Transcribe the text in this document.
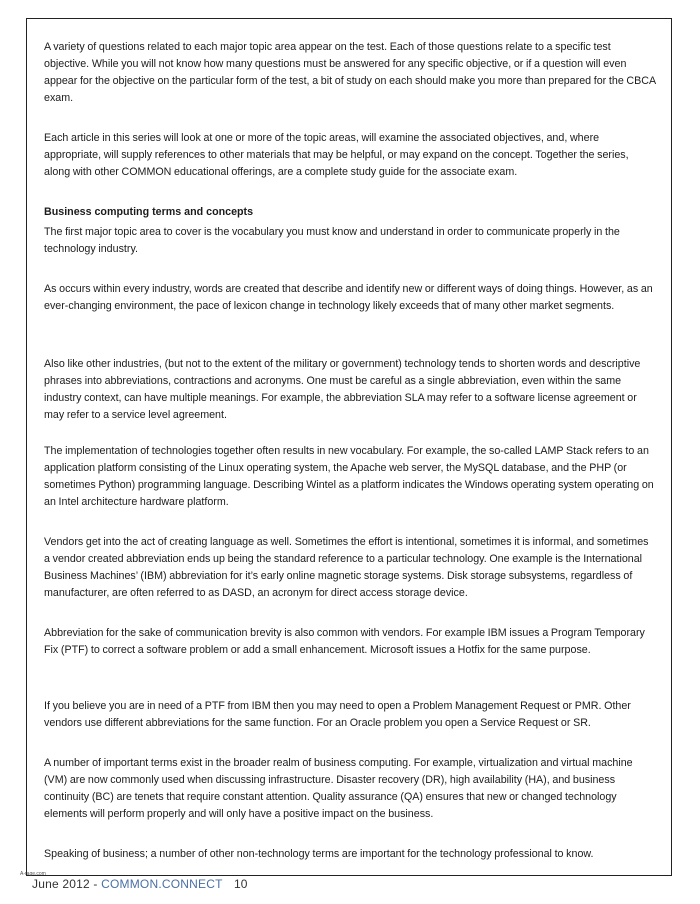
A variety of questions related to each major topic area appear on the test. Each of those questions relate to a specific test objective. While you will not know how many questions must be answered for any specific objective, or if a question will even appear for the objective on the particular form of the test, a bit of study on each should make you more than prepared for the CBCA exam.

Each article in this series will look at one or more of the topic areas, will examine the associated objectives, and, where appropriate, will supply references to other materials that may be helpful, or may expand on the concept. Together the series, along with other COMMON educational offerings, are a complete study guide for the associate exam.

Business computing terms and concepts

The first major topic area to cover is the vocabulary you must know and understand in order to communicate properly in the technology industry.

As occurs within every industry, words are created that describe and identify new or different ways of doing things. However, as an ever-changing environment, the pace of lexicon change in technology likely exceeds that of many other market segments.

Also like other industries, (but not to the extent of the military or government) technology tends to shorten words and descriptive phrases into abbreviations, contractions and acronyms. One must be careful as a single abbreviation, even within the same industry context, can have multiple meanings. For example, the abbreviation SLA may refer to a software license agreement or may refer to a service level agreement.

The implementation of technologies together often results in new vocabulary. For example, the so-called LAMP Stack refers to an application platform consisting of the Linux operating system, the Apache web server, the MySQL database, and the PHP (or sometimes Python) programming language. Describing Wintel as a platform indicates the Windows operating system operating on an Intel architecture hardware platform.

Vendors get into the act of creating language as well. Sometimes the effort is intentional, sometimes it is informal, and sometimes a vendor created abbreviation ends up being the standard reference to a particular technology. One example is the International Business Machines’ (IBM) abbreviation for it’s early online magnetic storage systems. Disk storage subsystems, regardless of manufacturer, are often referred to as DASD, an acronym for direct access storage device.

Abbreviation for the sake of communication brevity is also common with vendors. For example IBM issues a Program Temporary Fix (PTF) to correct a software problem or add a small enhancement. Microsoft issues a Hotfix for the same purpose.

If you believe you are in need of a PTF from IBM then you may need to open a Problem Management Request or PMR. Other vendors use different abbreviations for the same function. For an Oracle problem you open a Service Request or SR.

A number of important terms exist in the broader realm of business computing. For example, virtualization and virtual machine (VM) are now commonly used when discussing infrastructure. Disaster recovery (DR), high availability (HA), and business continuity (BC) are tenets that require constant attention. Quality assurance (QA) ensures that new or changed technology elements will perform properly and will only have a positive impact on the business.

Speaking of business; a number of other non-technology terms are important for the technology professional to know.

A-rage.com
June 2012 - COMMON.CONNECT 10
